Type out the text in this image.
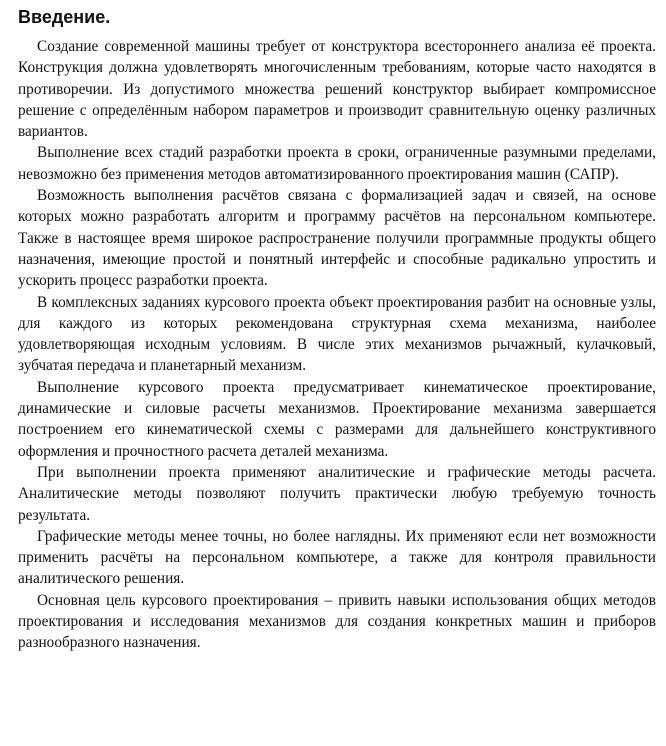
Введение.

Создание современной машины требует от конструктора всестороннего анализа её проекта. Конструкция должна удовлетворять многочисленным требованиям, которые часто находятся в противоречии. Из допустимого множества решений конструктор выбирает компромиссное решение с определённым набором параметров и производит сравнительную оценку различных вариантов.

Выполнение всех стадий разработки проекта в сроки, ограниченные разумными пределами, невозможно без применения методов автоматизированного проектирования машин (САПР).

Возможность выполнения расчётов связана с формализацией задач и связей, на основе которых можно разработать алгоритм и программу расчётов на персональном компьютере. Также в настоящее время широкое распространение получили программные продукты общего назначения, имеющие простой и понятный интерфейс и способные радикально упростить и ускорить процесс разработки проекта.

В комплексных заданиях курсового проекта объект проектирования разбит на основные узлы, для каждого из которых рекомендована структурная схема механизма, наиболее удовлетворяющая исходным условиям. В числе этих механизмов рычажный, кулачковый, зубчатая передача и планетарный механизм.

Выполнение курсового проекта предусматривает кинематическое проектирование, динамические и силовые расчеты механизмов. Проектирование механизма завершается построением его кинематической схемы с размерами для дальнейшего конструктивного оформления и прочностного расчета деталей механизма.

При выполнении проекта применяют аналитические и графические методы расчета. Аналитические методы позволяют получить практически любую требуемую точность результата.

Графические методы менее точны, но более наглядны. Их применяют если нет возможности применить расчёты на персональном компьютере, а также для контроля правильности аналитического решения.

Основная цель курсового проектирования – привить навыки использования общих методов проектирования и исследования механизмов для создания конкретных машин и приборов разнообразного назначения.
